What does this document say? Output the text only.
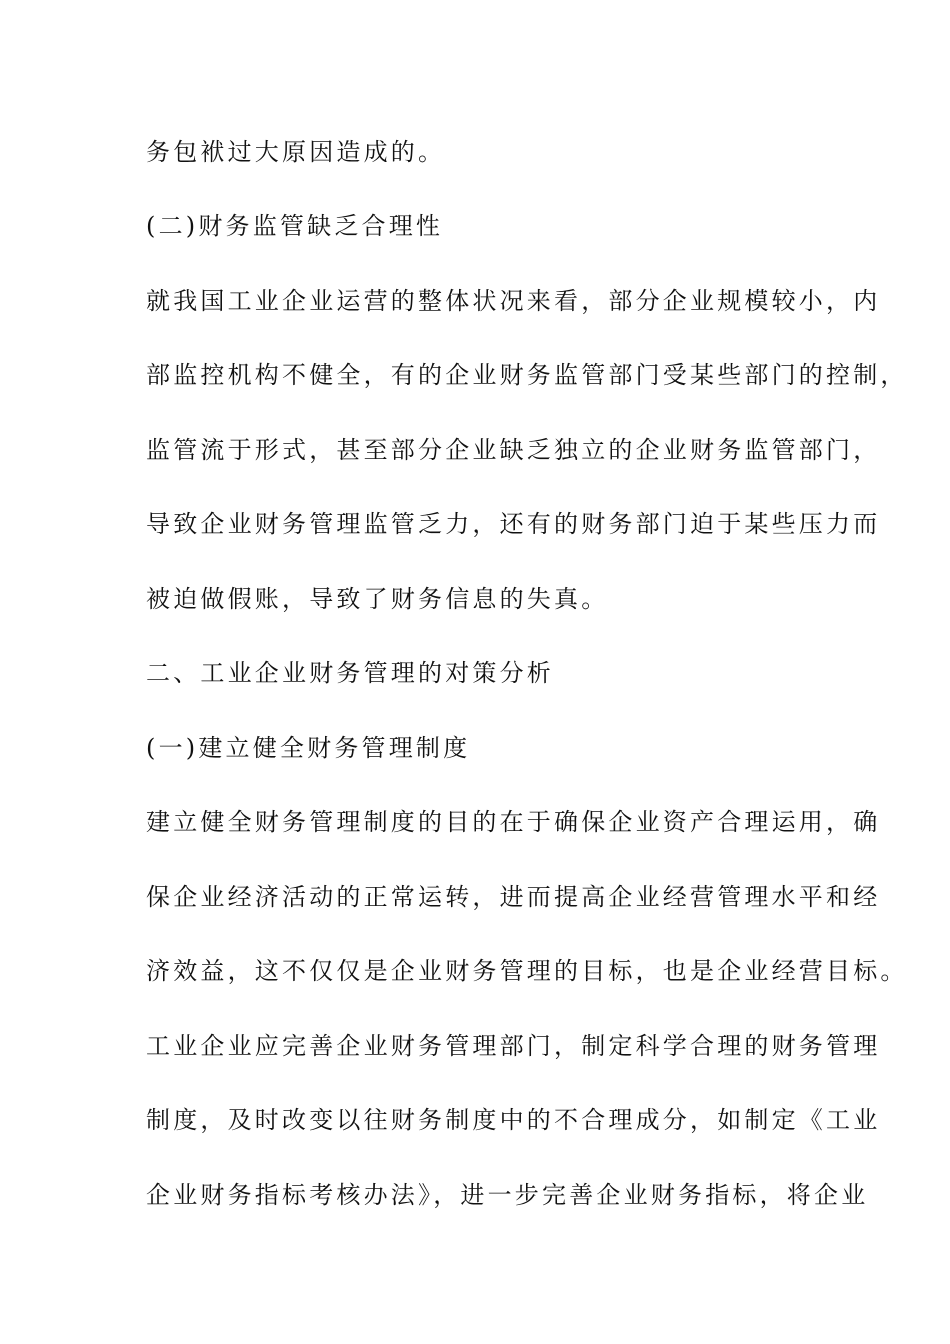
务包袱过大原因造成的。
(二)财务监管缺乏合理性
就我国工业企业运营的整体状况来看，部分企业规模较小，内
部监控机构不健全，有的企业财务监管部门受某些部门的控制，
监管流于形式，甚至部分企业缺乏独立的企业财务监管部门，
导致企业财务管理监管乏力，还有的财务部门迫于某些压力而
被迫做假账，导致了财务信息的失真。
二、工业企业财务管理的对策分析
(一)建立健全财务管理制度
建立健全财务管理制度的目的在于确保企业资产合理运用，确
保企业经济活动的正常运转，进而提高企业经营管理水平和经
济效益，这不仅仅是企业财务管理的目标，也是企业经营目标。
工业企业应完善企业财务管理部门，制定科学合理的财务管理
制度，及时改变以往财务制度中的不合理成分，如制定《工业
企业财务指标考核办法》，进一步完善企业财务指标，将企业
